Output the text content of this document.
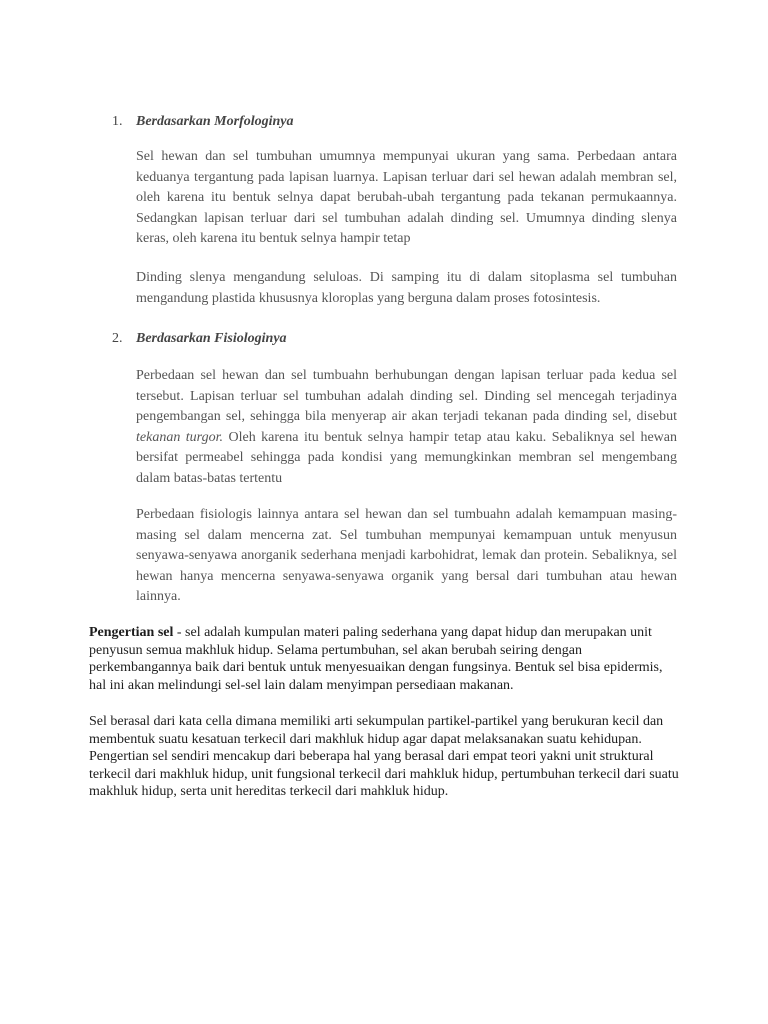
1. Berdasarkan Morfologinya

Sel hewan dan sel tumbuhan umumnya mempunyai ukuran yang sama. Perbedaan antara keduanya tergantung pada lapisan luarnya. Lapisan terluar dari sel hewan adalah membran sel, oleh karena itu bentuk selnya dapat berubah-ubah tergantung pada tekanan permukaannya. Sedangkan lapisan terluar dari sel tumbuhan adalah dinding sel. Umumnya dinding slenya keras, oleh karena itu bentuk selnya hampir tetap

Dinding slenya mengandung seluloas. Di samping itu di dalam sitoplasma sel tumbuhan mengandung plastida khususnya kloroplas yang berguna dalam proses fotosintesis.

2. Berdasarkan Fisiologinya

Perbedaan sel hewan dan sel tumbuahn berhubungan dengan lapisan terluar pada kedua sel tersebut. Lapisan terluar sel tumbuhan adalah dinding sel. Dinding sel mencegah terjadinya pengembangan sel, sehingga bila menyerap air akan terjadi tekanan pada dinding sel, disebut tekanan turgor. Oleh karena itu bentuk selnya hampir tetap atau kaku. Sebaliknya sel hewan bersifat permeabel sehingga pada kondisi yang memungkinkan membran sel mengembang dalam batas-batas tertentu

Perbedaan fisiologis lainnya antara sel hewan dan sel tumbuahn adalah kemampuan masing-masing sel dalam mencerna zat. Sel tumbuhan mempunyai kemampuan untuk menyusun senyawa-senyawa anorganik sederhana menjadi karbohidrat, lemak dan protein. Sebaliknya, sel hewan hanya mencerna senyawa-senyawa organik yang bersal dari tumbuhan atau hewan lainnya.

Pengertian sel - sel adalah kumpulan materi paling sederhana yang dapat hidup dan merupakan unit penyusun semua makhluk hidup. Selama pertumbuhan, sel akan berubah seiring dengan perkembangannya baik dari bentuk untuk menyesuaikan dengan fungsinya. Bentuk sel bisa epidermis, hal ini akan melindungi sel-sel lain dalam menyimpan persediaan makanan.

Sel berasal dari kata cella dimana memiliki arti sekumpulan partikel-partikel yang berukuran kecil dan membentuk suatu kesatuan terkecil dari makhluk hidup agar dapat melaksanakan suatu kehidupan. Pengertian sel sendiri mencakup dari beberapa hal yang berasal dari empat teori yakni unit struktural terkecil dari makhluk hidup, unit fungsional terkecil dari mahkluk hidup, pertumbuhan terkecil dari suatu makhluk hidup, serta unit hereditas terkecil dari mahkluk hidup.
